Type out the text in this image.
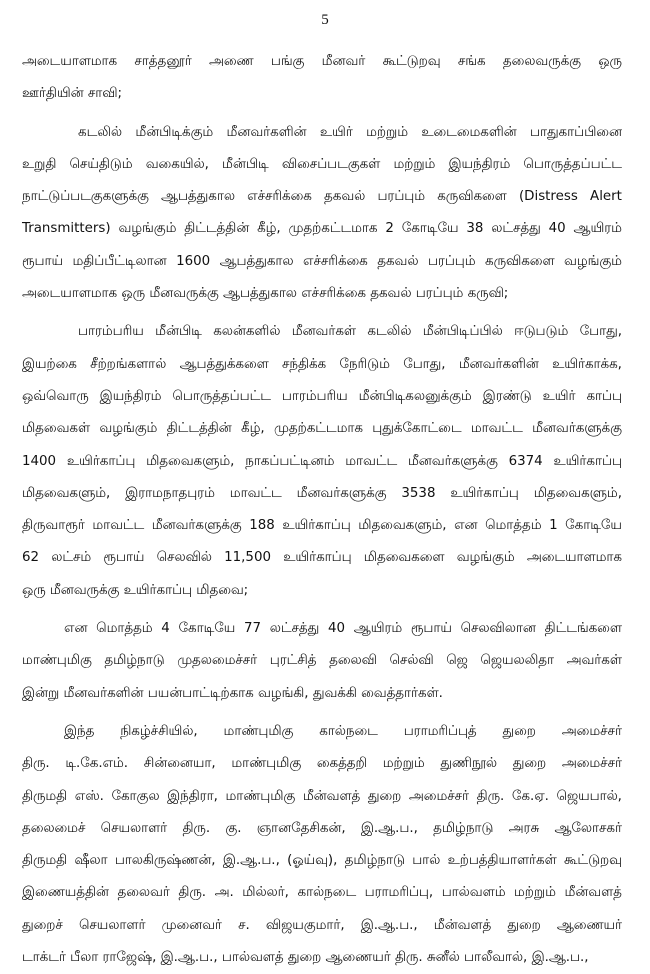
5
அடையாளமாக சாத்தனூர் அணை பங்கு மீனவர் கூட்டுறவு சங்க தலைவருக்கு ஒரு
ஊர்தியின் சாவி;
கடலில் மீன்பிடிக்கும் மீனவர்களின் உயிர் மற்றும் உடைமைகளின் பாதுகாப்பினை
உறுதி செய்திடும் வகையில், மீன்பிடி விசைப்படகுகள் மற்றும் இயந்திரம் பொருத்தப்பட்ட
நாட்டுப்படகுகளுக்கு ஆபத்துகால எச்சரிக்கை தகவல் பரப்பும் கருவிகளை (Distress Alert
Transmitters) வழங்கும் திட்டத்தின் கீழ், முதற்கட்டமாக 2 கோடியே 38 லட்சத்து 40 ஆயிரம்
ரூபாய் மதிப்பீட்டிலான 1600 ஆபத்துகால எச்சரிக்கை தகவல் பரப்பும் கருவிகளை வழங்கும்
அடையாளமாக ஒரு மீனவருக்கு ஆபத்துகால எச்சரிக்கை தகவல் பரப்பும் கருவி;
பாரம்பரிய மீன்பிடி கலன்களில் மீனவர்கள் கடலில் மீன்பிடிப்பில் ஈடுபடும் போது,
இயற்கை சீற்றங்களால் ஆபத்துக்களை சந்திக்க நேரிடும் போது, மீனவர்களின் உயிர்காக்க,
ஒவ்வொரு இயந்திரம் பொருத்தப்பட்ட பாரம்பரிய மீன்பிடிகலனுக்கும் இரண்டு உயிர் காப்பு
மிதவைகள் வழங்கும் திட்டத்தின் கீழ், முதற்கட்டமாக புதுக்கோட்டை மாவட்ட மீனவர்களுக்கு
1400 உயிர்காப்பு மிதவைகளும், நாகப்பட்டினம் மாவட்ட மீனவர்களுக்கு 6374 உயிர்காப்பு
மிதவைகளும், இராமநாதபுரம் மாவட்ட மீனவர்களுக்கு 3538 உயிர்காப்பு மிதவைகளும்,
திருவாரூர் மாவட்ட மீனவர்களுக்கு 188 உயிர்காப்பு மிதவைகளும், என மொத்தம் 1 கோடியே
62 லட்சம் ரூபாய் செலவில் 11,500 உயிர்காப்பு மிதவைகளை வழங்கும் அடையாளமாக
ஒரு மீனவருக்கு உயிர்காப்பு மிதவை;
என மொத்தம் 4 கோடியே 77 லட்சத்து 40 ஆயிரம் ரூபாய் செலவிலான திட்டங்களை
மாண்புமிகு தமிழ்நாடு முதலமைச்சர் புரட்சித் தலைவி செல்வி ஜெ ஜெயலலிதா அவர்கள்
இன்று மீனவர்களின் பயன்பாட்டிற்காக வழங்கி, துவக்கி வைத்தார்கள்.
இந்த நிகழ்ச்சியில், மாண்புமிகு கால்நடை பராமரிப்புத் துறை அமைச்சர்
திரு. டி.கே.எம். சின்னையா, மாண்புமிகு கைத்தறி மற்றும் துணிநூல் துறை அமைச்சர்
திருமதி எஸ். கோகுல இந்திரா, மாண்புமிகு மீன்வளத் துறை அமைச்சர் திரு. கே.ஏ. ஜெயபால்,
தலைமைச் செயலாளர் திரு. கு. ஞானதேசிகன், இ.ஆ.ப., தமிழ்நாடு அரசு ஆலோசகர்
திருமதி ஷீலா பாலகிருஷ்ணன், இ.ஆ.ப., (ஓய்வு), தமிழ்நாடு பால் உற்பத்தியாளர்கள் கூட்டுறவு
இணையத்தின் தலைவர் திரு. அ. மில்லர், கால்நடை பராமரிப்பு, பால்வளம் மற்றும் மீன்வளத்
துறைச் செயலாளர் முனைவர் ச. விஜயகுமார், இ.ஆ.ப., மீன்வளத் துறை ஆணையர்
டாக்டர் பீலா ராஜேஷ், இ.ஆ.ப., பால்வளத் துறை ஆணையர் திரு. சுனீல் பாலீவால், இ.ஆ.ப.,
